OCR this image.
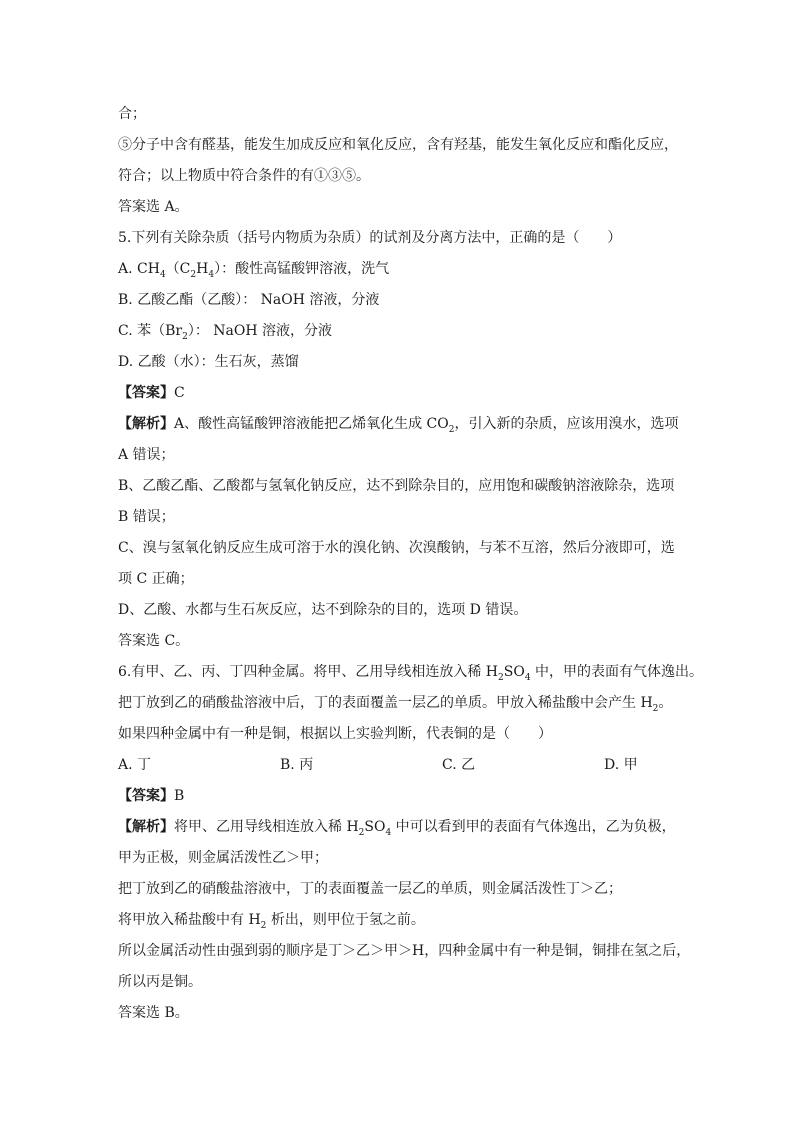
合；
⑤分子中含有醛基，能发生加成反应和氧化反应，含有羟基，能发生氧化反应和酯化反应，
符合；以上物质中符合条件的有①③⑤。
答案选 A。
5.下列有关除杂质（括号内物质为杂质）的试剂及分离方法中，正确的是（　　）
A. $CH_4(C_2H_4)$：酸性高锰酸钾溶液，洗气
B. 乙酸乙酯（乙酸）： NaOH 溶液，分液
C. 苯$(Br_2)$： NaOH 溶液，分液
D. 乙酸（水）：生石灰，蒸馏
【答案】C
【解析】A、酸性高锰酸钾溶液能把乙烯氧化生成 $CO_2$，引入新的杂质，应该用溴水，选项
A 错误；
B、乙酸乙酯、乙酸都与氢氧化钠反应，达不到除杂目的，应用饱和碳酸钠溶液除杂，选项
B 错误；
C、溴与氢氧化钠反应生成可溶于水的溴化钠、次溴酸钠，与苯不互溶，然后分液即可，选
项 C 正确；
D、乙酸、水都与生石灰反应，达不到除杂的目的，选项 D 错误。
答案选 C。
6.有甲、乙、丙、丁四种金属。将甲、乙用导线相连放入稀 $H_2SO_4$ 中，甲的表面有气体逸出。
把丁放到乙的硝酸盐溶液中后，丁的表面覆盖一层乙的单质。甲放入稀盐酸中会产生 $H_2$。
如果四种金属中有一种是铜，根据以上实验判断，代表铜的是（　　）
A. 丁	B. 丙	C. 乙	D. 甲
【答案】B
【解析】将甲、乙用导线相连放入稀 $H_2SO_4$ 中可以看到甲的表面有气体逸出，乙为负极，
甲为正极，则金属活泼性乙＞甲；
把丁放到乙的硝酸盐溶液中，丁的表面覆盖一层乙的单质，则金属活泼性丁＞乙；
将甲放入稀盐酸中有 $H_2$ 析出，则甲位于氢之前。
所以金属活动性由强到弱的顺序是丁＞乙＞甲＞H，四种金属中有一种是铜，铜排在氢之后，
所以丙是铜。
答案选 B。
